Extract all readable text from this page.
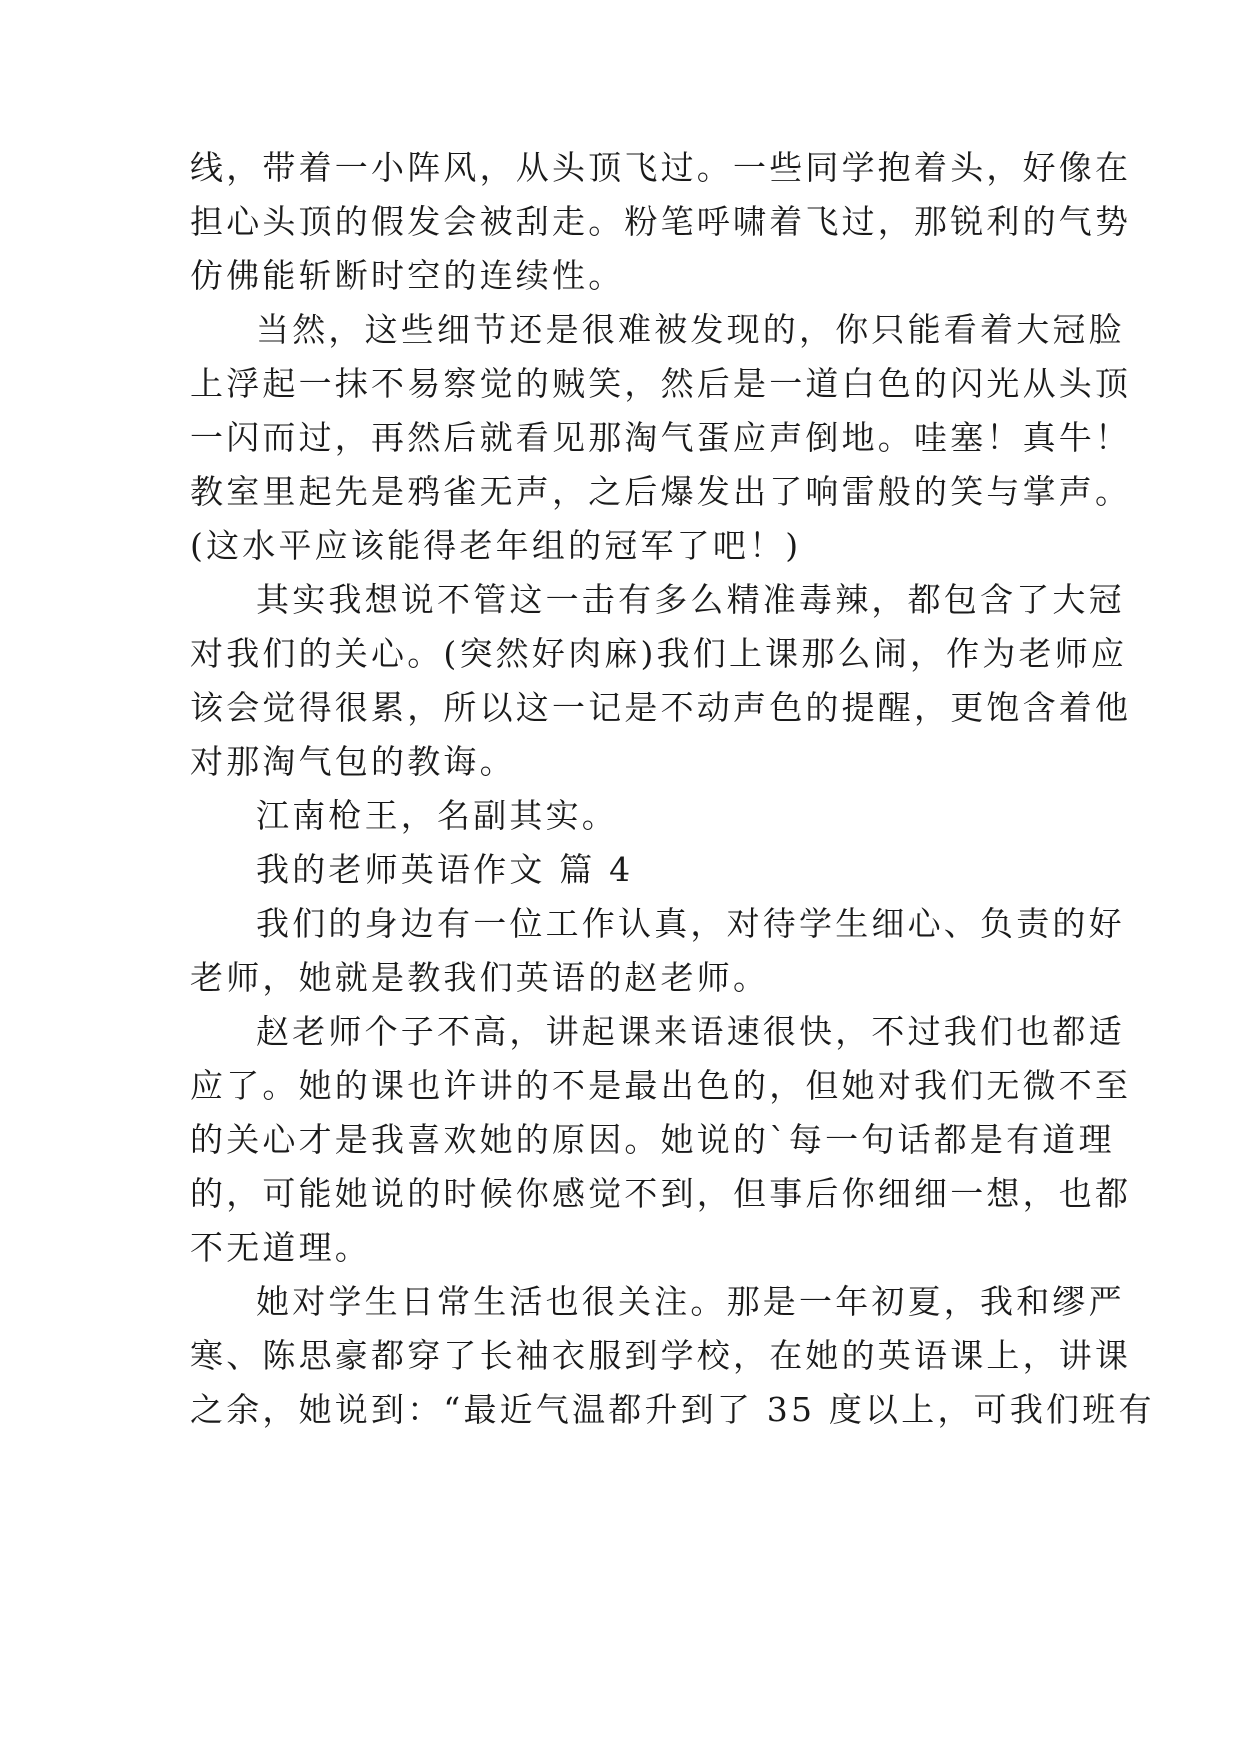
线，带着一小阵风，从头顶飞过。一些同学抱着头，好像在
担心头顶的假发会被刮走。粉笔呼啸着飞过，那锐利的气势
仿佛能斩断时空的连续性。
当然，这些细节还是很难被发现的，你只能看着大冠脸
上浮起一抹不易察觉的贼笑，然后是一道白色的闪光从头顶
一闪而过，再然后就看见那淘气蛋应声倒地。哇塞！真牛！
教室里起先是鸦雀无声，之后爆发出了响雷般的笑与掌声。
(这水平应该能得老年组的冠军了吧！)
其实我想说不管这一击有多么精准毒辣，都包含了大冠
对我们的关心。(突然好肉麻)我们上课那么闹，作为老师应
该会觉得很累，所以这一记是不动声色的提醒，更饱含着他
对那淘气包的教诲。
江南枪王，名副其实。
我的老师英语作文 篇 4
我们的身边有一位工作认真，对待学生细心、负责的好
老师，她就是教我们英语的赵老师。
赵老师个子不高，讲起课来语速很快，不过我们也都适
应了。她的课也许讲的不是最出色的，但她对我们无微不至
的关心才是我喜欢她的原因。她说的`每一句话都是有道理
的，可能她说的时候你感觉不到，但事后你细细一想，也都
不无道理。
她对学生日常生活也很关注。那是一年初夏，我和缪严
寒、陈思豪都穿了长袖衣服到学校，在她的英语课上，讲课
之余，她说到：“最近气温都升到了 35 度以上，可我们班有
